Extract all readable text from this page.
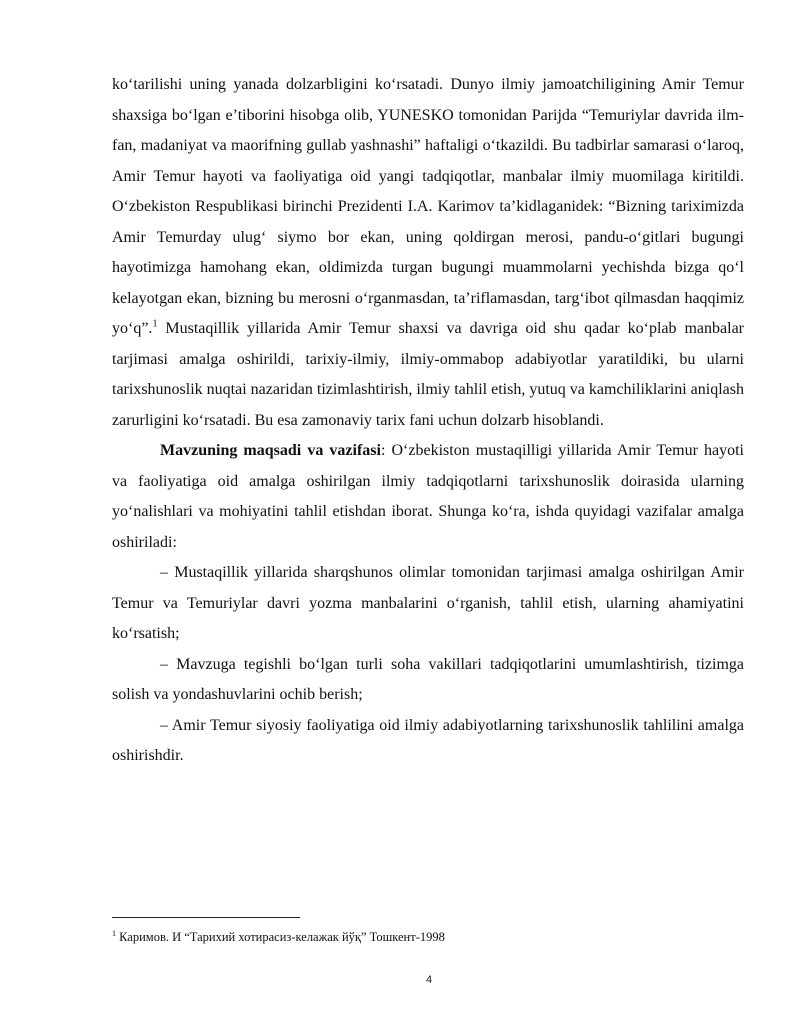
ko‘tarilishi uning yanada dolzarbligini ko‘rsatadi. Dunyo ilmiy jamoatchiligining Amir Temur shaxsiga bo‘lgan e’tiborini hisobga olib, YUNESKO tomonidan Parijda “Temuriylar davrida ilm-fan, madaniyat va maorifning gullab yashnashi” haftaligi o‘tkazildi. Bu tadbirlar samarasi o‘laroq, Amir Temur hayoti va faoliyatiga oid yangi tadqiqotlar, manbalar ilmiy muomilaga kiritildi. O‘zbekiston Respublikasi birinchi Prezidenti I.A. Karimov ta’kidlaganidek: “Bizning tariximizda Amir Temurday ulug‘ siymo bor ekan, uning qoldirgan merosi, pandu-o‘gitlari bugungi hayotimizga hamohang ekan, oldimizda turgan bugungi muammolarni yechishda bizga qo‘l kelayotgan ekan, bizning bu merosni o‘rganmasdan, ta’riflamasdan, targ‘ibot qilmasdan haqqimiz yo‘q”.$^1$ Mustaqillik yillarida Amir Temur shaxsi va davriga oid shu qadar ko‘plab manbalar tarjimasi amalga oshirildi, tarixiy-ilmiy, ilmiy-ommabop adabiyotlar yaratildiki, bu ularni tarixshunoslik nuqtai nazaridan tizimlashtirish, ilmiy tahlil etish, yutuq va kamchiliklarini aniqlash zarurligini ko‘rsatadi. Bu esa zamonaviy tarix fani uchun dolzarb hisoblandi.

Mavzuning maqsadi va vazifasi: O‘zbekiston mustaqilligi yillarida Amir Temur hayoti va faoliyatiga oid amalga oshirilgan ilmiy tadqiqotlarni tarixshunoslik doirasida ularning yo‘nalishlari va mohiyatini tahlil etishdan iborat. Shunga ko‘ra, ishda quyidagi vazifalar amalga oshiriladi:

– Mustaqillik yillarida sharqshunos olimlar tomonidan tarjimasi amalga oshirilgan Amir Temur va Temuriylar davri yozma manbalarini o‘rganish, tahlil etish, ularning ahamiyatini ko‘rsatish;

– Mavzuga tegishli bo‘lgan turli soha vakillari tadqiqotlarini umumlashtirish, tizimga solish va yondashuvlarini ochib berish;

– Amir Temur siyosiy faoliyatiga oid ilmiy adabiyotlarning tarixshunoslik tahlilini amalga oshirishdir.

$^1$ Каримов. И “Тарихий хотирасиз-келажак йўқ” Тошкент-1998
4
